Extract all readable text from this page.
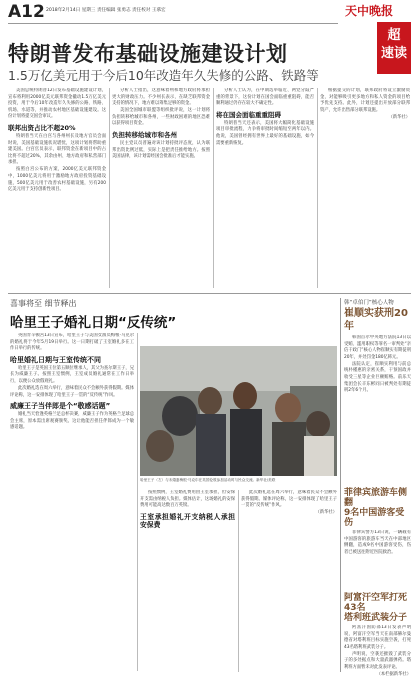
A12 2018年2月14日 星期三 责任编辑 张勇志 责任校对 王慕宏	天中晚报
超
速读
特朗普发布基础设施建设计划
1.5万亿美元用于今后10年改造年久失修的公路、铁路等

美国总统特朗普12日发布基础设施建设计划，宣布将利用2000亿美元联邦资金撬动1.5万亿美元投资，用于今后10年改造年久失修的公路、铁路、机场、水道等，并推动农村地区基础设施建设。这份计划将提交国会审议。

联邦出资占比不超20%

特朗普当天在白宫与各州州长及地方官员会面时说，美国基础设施状况堪忧，这项计划将帮助重建美国。白宫官员表示，联邦资金在新项目中的占比将不超过20%，其余由州、地方政府和私营部门承担。

按照白宫公布的方案，2000亿美元联邦资金中，1000亿美元将用于激励地方政府投资基础设施，500亿美元用于改善农村基础设施，另有200亿美元用于支持创新性项目。

分析人士指出，这意味着州和地方政府将承担更大的财政压力。不少州长表示，在缺乏联邦资金支持的情况下，地方难以筹集足够的资金。

美国全国城市联盟等组织批评说，这一计划将负担转移给城市和各州，一些财政困难的地区恐难以获得项目资金。

负担转移给城市和各州

民主党议员普遍对该计划持批评态度，认为联邦出资比例过低，实际上是把责任推给地方。按照美国法律，该计划需经国会批准后才能实施。

分析人士认为，在中期选举临近、两党分歧严重的背景下，这份计划在国会面临重重阻碍，能否顺利通过仍存在较大不确定性。

将在国会面临重重阻碍

特朗普当天还表示，美国将大幅简化基础设施项目审批流程，力争将审批时间缩短至两年以内。他说，美国曾经拥有世界上最好的基础设施，如今需要重新恢复。

根据提交的计划，联邦政府将设立激励资金，对能够吸引更多地方和私人资金的项目给予优先支持。此外，计划还提出开放部分联邦资产，允许出售部分联邦设施。

（新华社）

喜事将至 细节释出
哈里王子婚礼日期“反传统”

英国肯辛顿宫13日宣布，哈里王子与美国女演员梅根·马克尔的婚礼将于今年5月19日举行。这一日期打破了王室婚礼多在工作日举行的传统。

哈里婚礼日期与王室传统不同

哈里王子是英国王位第五顺位继承人，其父为查尔斯王子，兄长为威廉王子。按照王室惯例，王室成员婚礼通常在工作日举行，以便公众放假观礼。

此次婚礼选在周六举行，意味着民众不会额外获得假期。媒体评论称，这一安排体现了哈里王子一贯的“反传统”作风。

威廉王子当伴郎是个“敬感话题”

婚礼当天恰逢英格兰足总杯决赛，威廉王子作为英格兰足球总会主席，原本需出席观赛颁奖。这让他能否担任伴郎成为一个敏感话题。

哈里王子（左）与未婚妻梅根·马克尔在英国伦敦参加活动时与民众交流。新华社/美联

按照惯例，王室婚礼费用由王室承担，但安保开支需由纳税人负担。媒体估计，这场婚礼的安保费用可能高达数百万英镑。

王室承担婚礼开支纳税人承担安保费

此次婚礼选在周六举行，意味着民众不会额外获得假期。媒体评论称，这一安排体现了哈里王子一贯的“反传统”作风。

（新华社）

韩“卓伯门”核心人物
崔顺实获刑20年

韩国首尔中央地方法院13日以受贿、滥用职权等罪名一审判处“亲信干政门”核心人物崔顺实有期徒刑20年，并处罚金180亿韩元。

法院认定，崔顺实利用与前总统朴槿惠的亲密关系，干预国政并收受三星等企业巨额贿赂。前乐天集团会长辛东彬同日被判处有期徒刑2年6个月。

菲律宾旅游车侧翻
9名中国游客受伤

菲律宾警方13日说，一辆载有中国游客的旅游车当天在中部地区侧翻，造成9名中国游客受伤，伤者已被送往附近医院救治。

阿富汗空军打死43名
塔利班武装分子

阿富汗国防部13日发表声明说，阿富汗空军当天在南部赫尔曼德省对塔利班目标实施空袭，打死43名塔利班武装分子。

声明说，空袭还摧毁了武装分子的多处据点和大量武器弹药。塔利班方面暂未对此发表评论。

（本栏据新华社）
